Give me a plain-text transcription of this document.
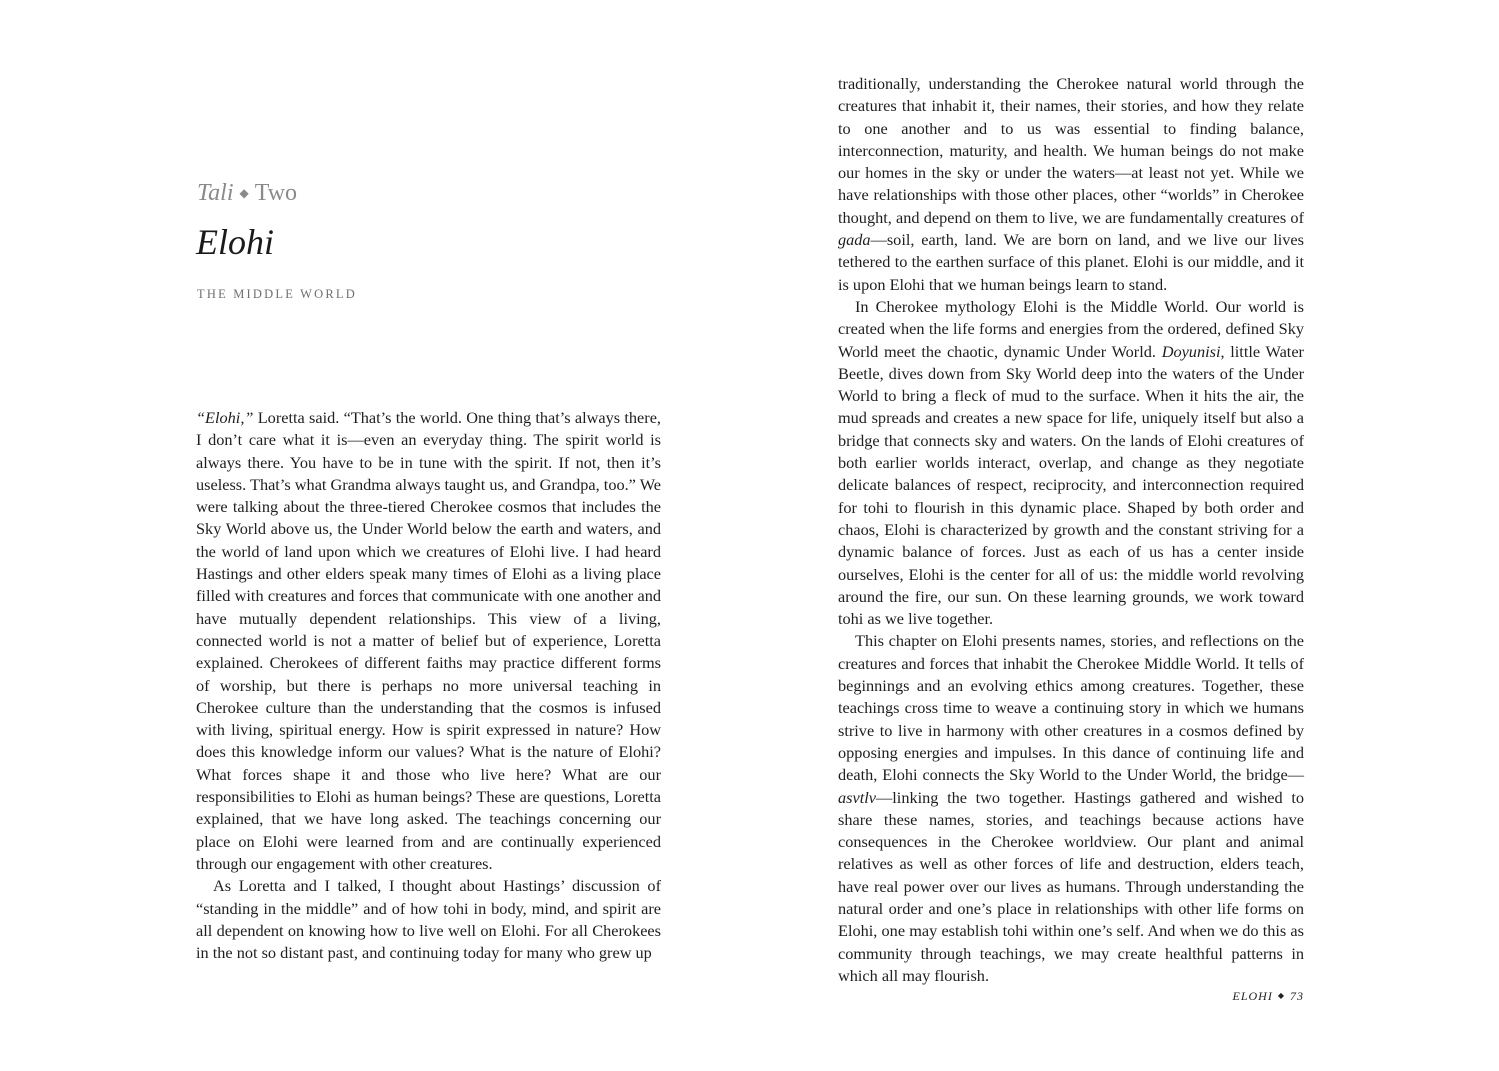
Tali ◆ Two
Elohi
THE MIDDLE WORLD

“Elohi,” Loretta said. “That’s the world. One thing that’s always there, I don’t care what it is—even an everyday thing. The spirit world is always there. You have to be in tune with the spirit. If not, then it’s useless. That’s what Grandma always taught us, and Grandpa, too.” We were talking about the three-tiered Cherokee cosmos that includes the Sky World above us, the Under World below the earth and waters, and the world of land upon which we creatures of Elohi live. I had heard Hastings and other elders speak many times of Elohi as a living place filled with creatures and forces that communicate with one another and have mutually dependent relationships. This view of a living, connected world is not a matter of belief but of experience, Loretta explained. Cherokees of different faiths may practice different forms of worship, but there is perhaps no more universal teaching in Cherokee culture than the understanding that the cosmos is infused with living, spiritual energy. How is spirit expressed in nature? How does this knowledge inform our values? What is the nature of Elohi? What forces shape it and those who live here? What are our responsibilities to Elohi as human beings? These are questions, Loretta explained, that we have long asked. The teachings concerning our place on Elohi were learned from and are continually experienced through our engagement with other creatures.

As Loretta and I talked, I thought about Hastings’ discussion of “standing in the middle” and of how tohi in body, mind, and spirit are all dependent on knowing how to live well on Elohi. For all Cherokees in the not so distant past, and continuing today for many who grew up

traditionally, understanding the Cherokee natural world through the creatures that inhabit it, their names, their stories, and how they relate to one another and to us was essential to finding balance, interconnection, maturity, and health. We human beings do not make our homes in the sky or under the waters—at least not yet. While we have relationships with those other places, other “worlds” in Cherokee thought, and depend on them to live, we are fundamentally creatures of gada—soil, earth, land. We are born on land, and we live our lives tethered to the earthen surface of this planet. Elohi is our middle, and it is upon Elohi that we human beings learn to stand.

In Cherokee mythology Elohi is the Middle World. Our world is created when the life forms and energies from the ordered, defined Sky World meet the chaotic, dynamic Under World. Doyunisi, little Water Beetle, dives down from Sky World deep into the waters of the Under World to bring a fleck of mud to the surface. When it hits the air, the mud spreads and creates a new space for life, uniquely itself but also a bridge that connects sky and waters. On the lands of Elohi creatures of both earlier worlds interact, overlap, and change as they negotiate delicate balances of respect, reciprocity, and interconnection required for tohi to flourish in this dynamic place. Shaped by both order and chaos, Elohi is characterized by growth and the constant striving for a dynamic balance of forces. Just as each of us has a center inside ourselves, Elohi is the center for all of us: the middle world revolving around the fire, our sun. On these learning grounds, we work toward tohi as we live together.

This chapter on Elohi presents names, stories, and reflections on the creatures and forces that inhabit the Cherokee Middle World. It tells of beginnings and an evolving ethics among creatures. Together, these teachings cross time to weave a continuing story in which we humans strive to live in harmony with other creatures in a cosmos defined by opposing energies and impulses. In this dance of continuing life and death, Elohi connects the Sky World to the Under World, the bridge—asvtlv—linking the two together. Hastings gathered and wished to share these names, stories, and teachings because actions have consequences in the Cherokee worldview. Our plant and animal relatives as well as other forces of life and destruction, elders teach, have real power over our lives as humans. Through understanding the natural order and one’s place in relationships with other life forms on Elohi, one may establish tohi within one’s self. And when we do this as community through teachings, we may create healthful patterns in which all may flourish.

ELOHI ◆ 73
